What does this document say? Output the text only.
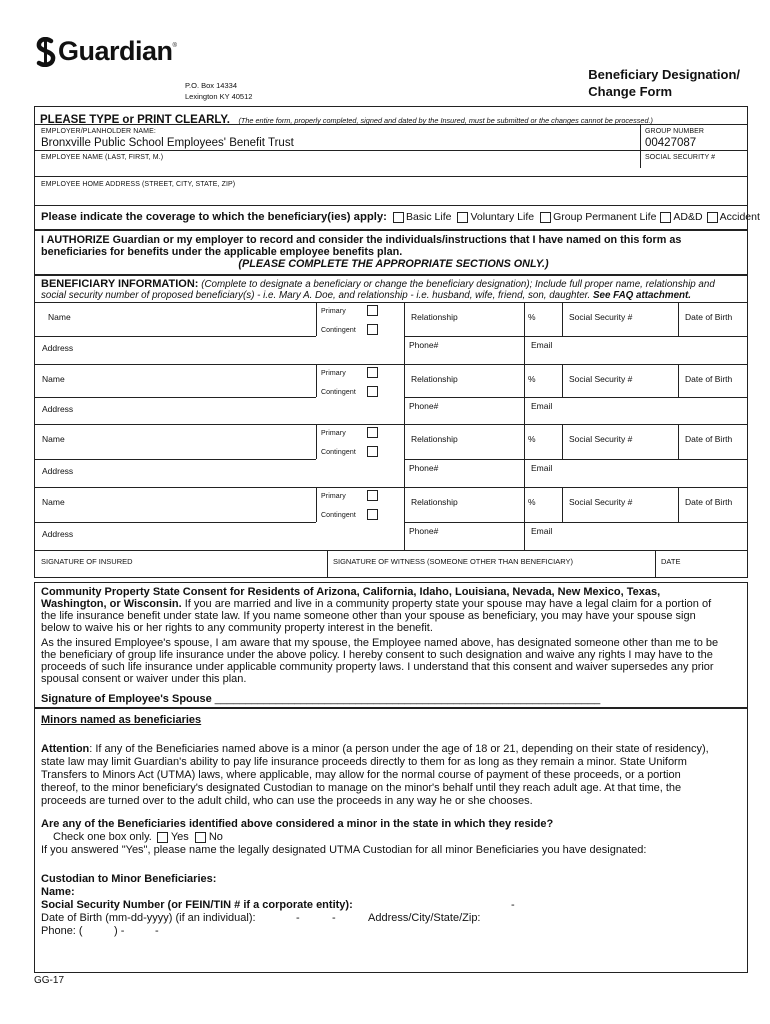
Guardian ®
P.O. Box 14334
Lexington KY 40512
Beneficiary Designation/
Change Form
PLEASE TYPE or PRINT CLEARLY. (The entire form, properly completed, signed and dated by the Insured, must be submitted or the changes cannot be processed.)
EMPLOYER/PLANHOLDER NAME:
Bronxville Public School Employees' Benefit Trust
GROUP NUMBER
00427087
EMPLOYEE NAME (LAST, FIRST, M.)	SOCIAL SECURITY #
EMPLOYEE HOME ADDRESS (STREET, CITY, STATE, ZIP)
Please indicate the coverage to which the beneficiary(ies) apply: Basic Life Voluntary Life Group Permanent Life AD&D Accident
I AUTHORIZE Guardian or my employer to record and consider the individuals/instructions that I have named on this form as
beneficiaries for benefits under the applicable employee benefits plan.
(PLEASE COMPLETE THE APPROPRIATE SECTIONS ONLY.)
BENEFICIARY INFORMATION: (Complete to designate a beneficiary or change the beneficiary designation); Include full proper name, relationship and
social security number of proposed beneficiary(s) - i.e. Mary A. Doe, and relationship - i.e. husband, wife, friend, son, daughter. See FAQ attachment.
Name
Primary
Contingent
Relationship	%	Social Security #	Date of Birth
Address	Phone#	Email
Name
Primary
Contingent
Relationship	%	Social Security #	Date of Birth
Address	Phone#	Email
Name
Primary
Contingent
Relationship	%	Social Security #	Date of Birth
Address	Phone#	Email
Name
Primary
Contingent
Relationship	%	Social Security #	Date of Birth
Address	Phone#	Email
SIGNATURE OF INSURED	SIGNATURE OF WITNESS (SOMEONE OTHER THAN BENEFICIARY)	DATE

Community Property State Consent for Residents of Arizona, California, Idaho, Louisiana, Nevada, New Mexico, Texas,

Washington, or Wisconsin. If you are married and live in a community property state your spouse may have a legal claim for a portion of

the life insurance benefit under state law. If you name someone other than your spouse as beneficiary, you may have your spouse sign

below to waive his or her rights to any community property interest in the benefit.

As the insured Employee's spouse, I am aware that my spouse, the Employee named above, has designated someone other than me to be

the beneficiary of group life insurance under the above policy. I hereby consent to such designation and waive any rights I may have to the

proceeds of such life insurance under applicable community property laws. I understand that this consent and waiver supersedes any prior

spousal consent or waiver under this plan.

Signature of Employee's Spouse _______________________________________________________________

Minors named as beneficiaries
Attention: If any of the Beneficiaries named above is a minor (a person under the age of 18 or 21, depending on their state of residency),
state law may limit Guardian's ability to pay life insurance proceeds directly to them for as long as they remain a minor. State Uniform
Transfers to Minors Act (UTMA) laws, where applicable, may allow for the normal course of payment of these proceeds, or a portion
thereof, to the minor beneficiary's designated Custodian to manage on the minor's behalf until they reach adult age. At that time, the
proceeds are turned over to the adult child, who can use the proceeds in any way he or she chooses.
Are any of the Beneficiaries identified above considered a minor in the state in which they reside?
Check one box only. Yes No
If you answered "Yes", please name the legally designated UTMA Custodian for all minor Beneficiaries you have designated:
Custodian to Minor Beneficiaries:
Name:
Social Security Number (or FEIN/TIN # if a corporate entity):	-
Date of Birth (mm-dd-yyyy) (if an individual):	-	-	Address/City/State/Zip:
Phone: (	) -	-
GG-17
